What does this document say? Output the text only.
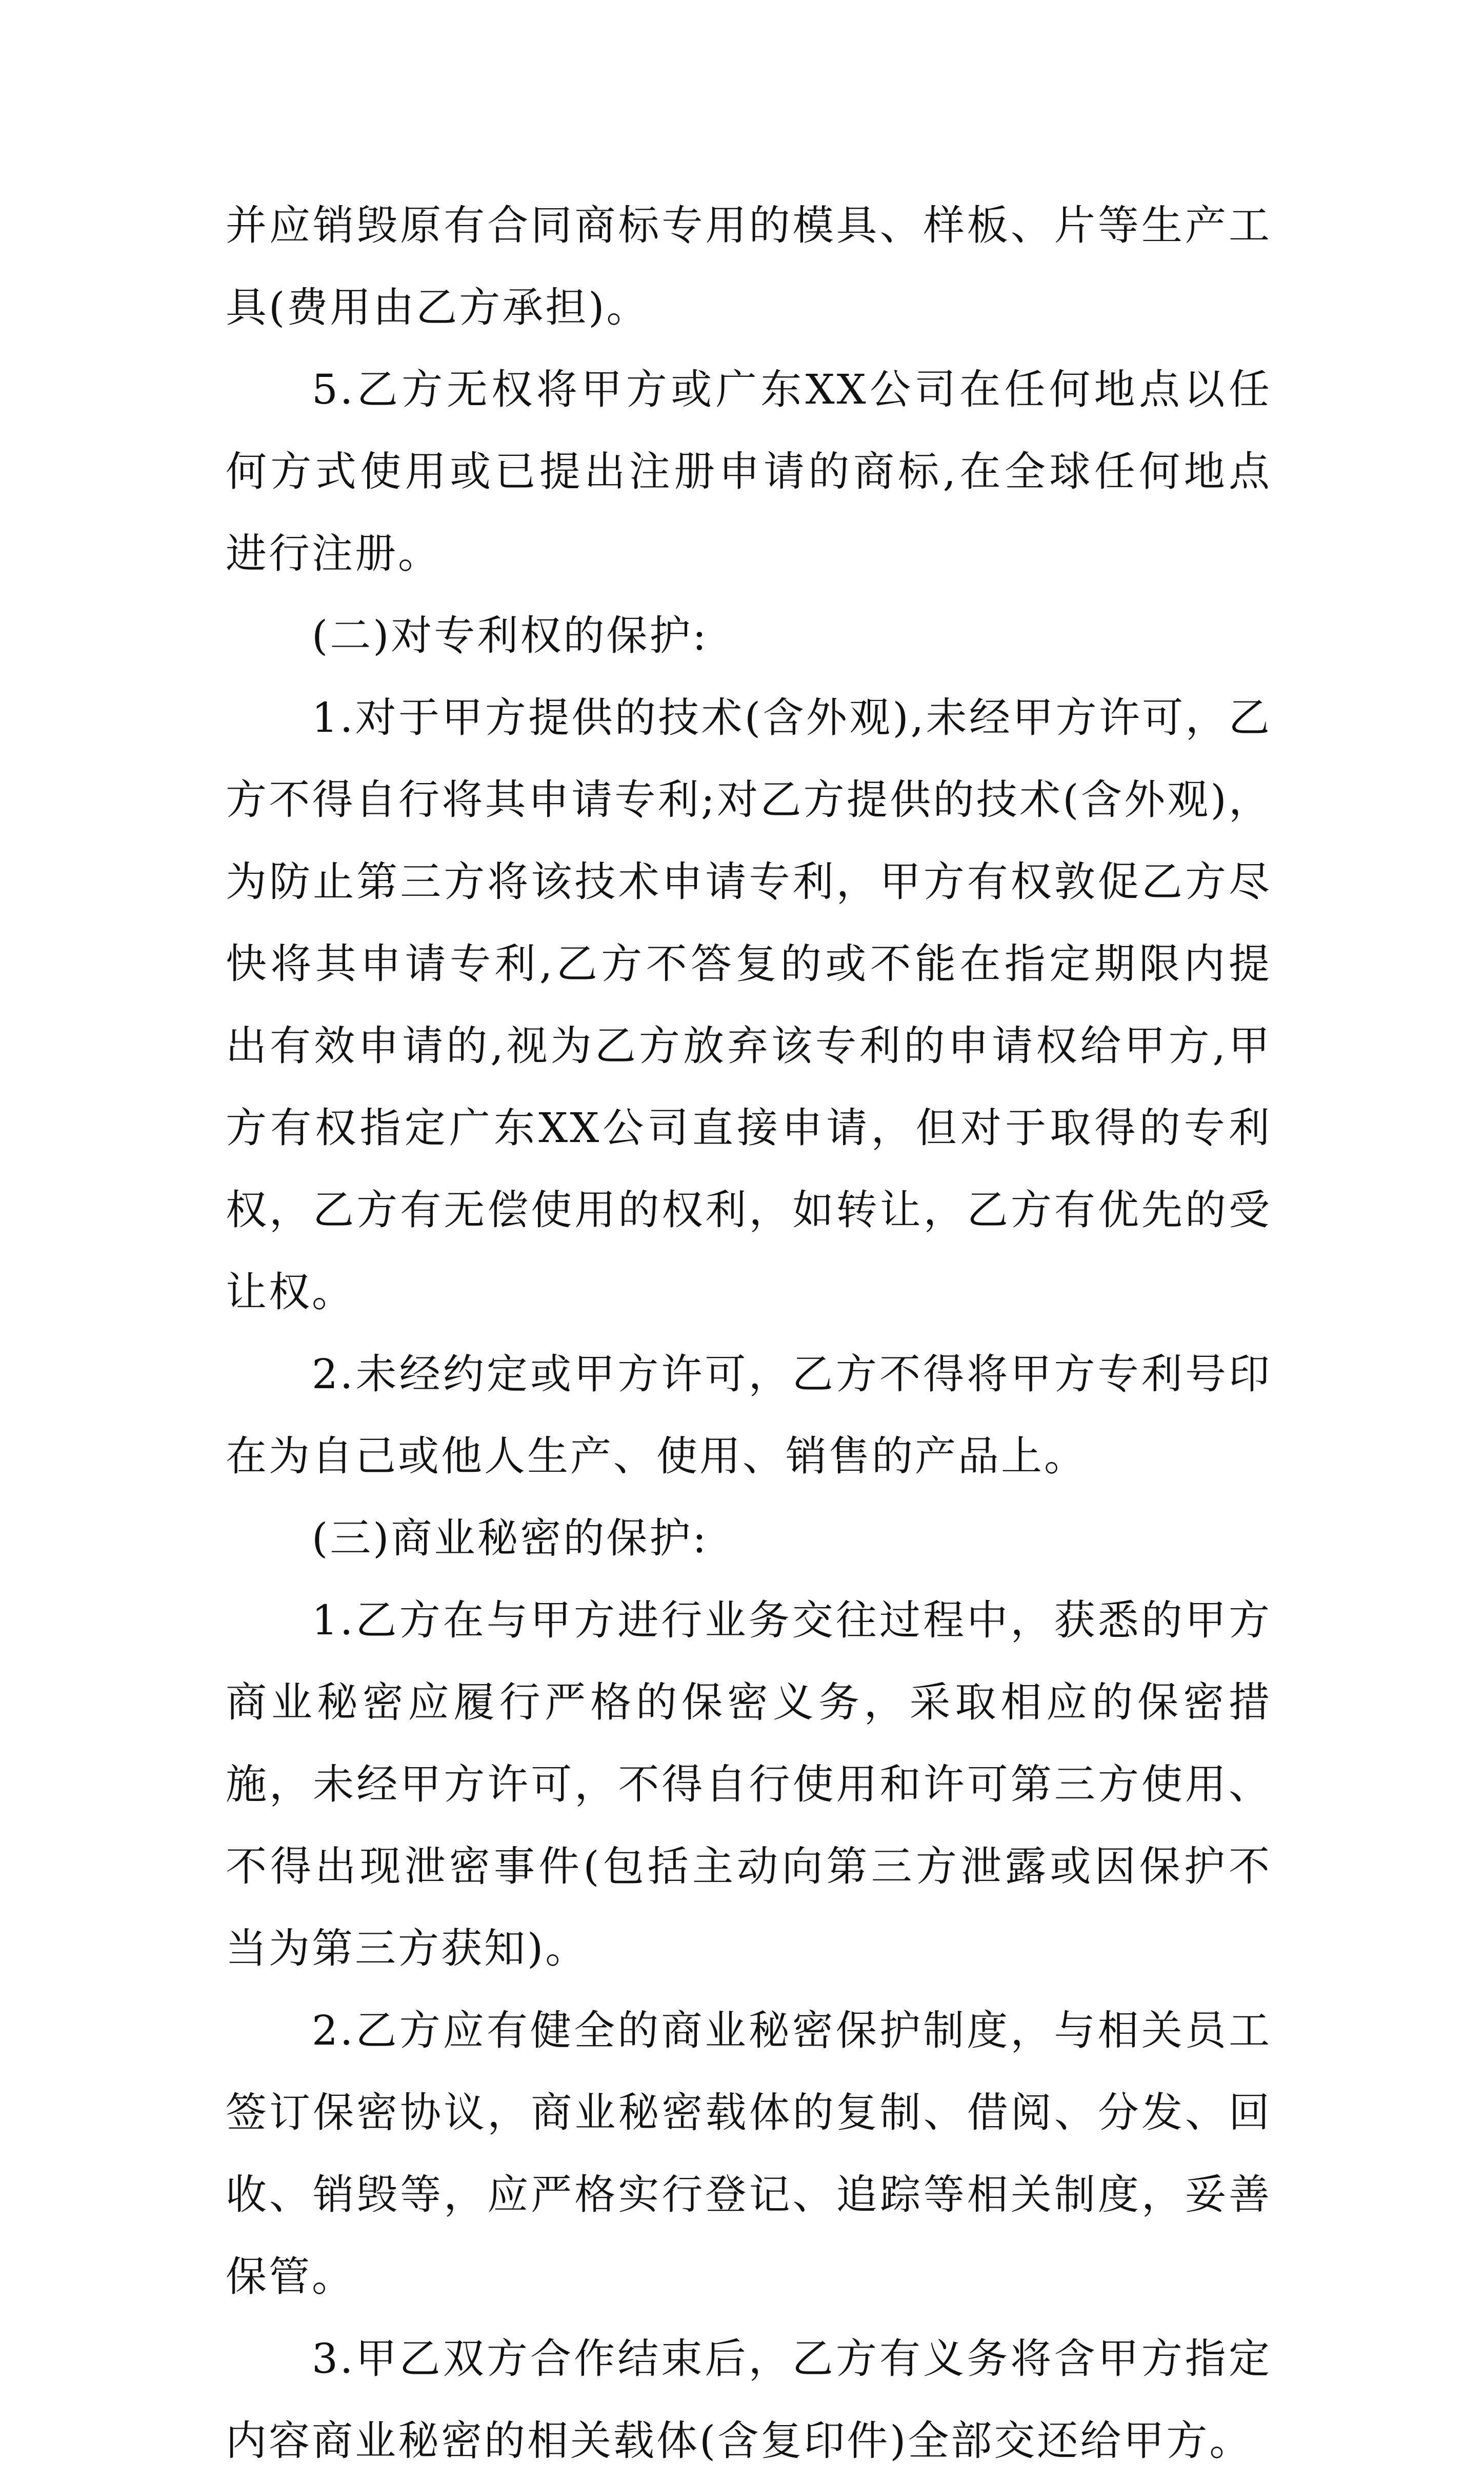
并应销毁原有合同商标专用的模具、样板、片等生产工具(费用由乙方承担)。

5.乙方无权将甲方或广东XX公司在任何地点以任何方式使用或已提出注册申请的商标,在全球任何地点进行注册。

(二)对专利权的保护:

1.对于甲方提供的技术(含外观),未经甲方许可，乙方不得自行将其申请专利;对乙方提供的技术(含外观)，为防止第三方将该技术申请专利，甲方有权敦促乙方尽快将其申请专利,乙方不答复的或不能在指定期限内提出有效申请的,视为乙方放弃该专利的申请权给甲方,甲方有权指定广东XX公司直接申请，但对于取得的专利权，乙方有无偿使用的权利，如转让，乙方有优先的受让权。

2.未经约定或甲方许可，乙方不得将甲方专利号印在为自己或他人生产、使用、销售的产品上。

(三)商业秘密的保护:

1.乙方在与甲方进行业务交往过程中，获悉的甲方商业秘密应履行严格的保密义务，采取相应的保密措施，未经甲方许可，不得自行使用和许可第三方使用、不得出现泄密事件(包括主动向第三方泄露或因保护不当为第三方获知)。

2.乙方应有健全的商业秘密保护制度，与相关员工签订保密协议，商业秘密载体的复制、借阅、分发、回收、销毁等，应严格实行登记、追踪等相关制度，妥善保管。

3.甲乙双方合作结束后，乙方有义务将含甲方指定内容商业秘密的相关载体(含复印件)全部交还给甲方。
